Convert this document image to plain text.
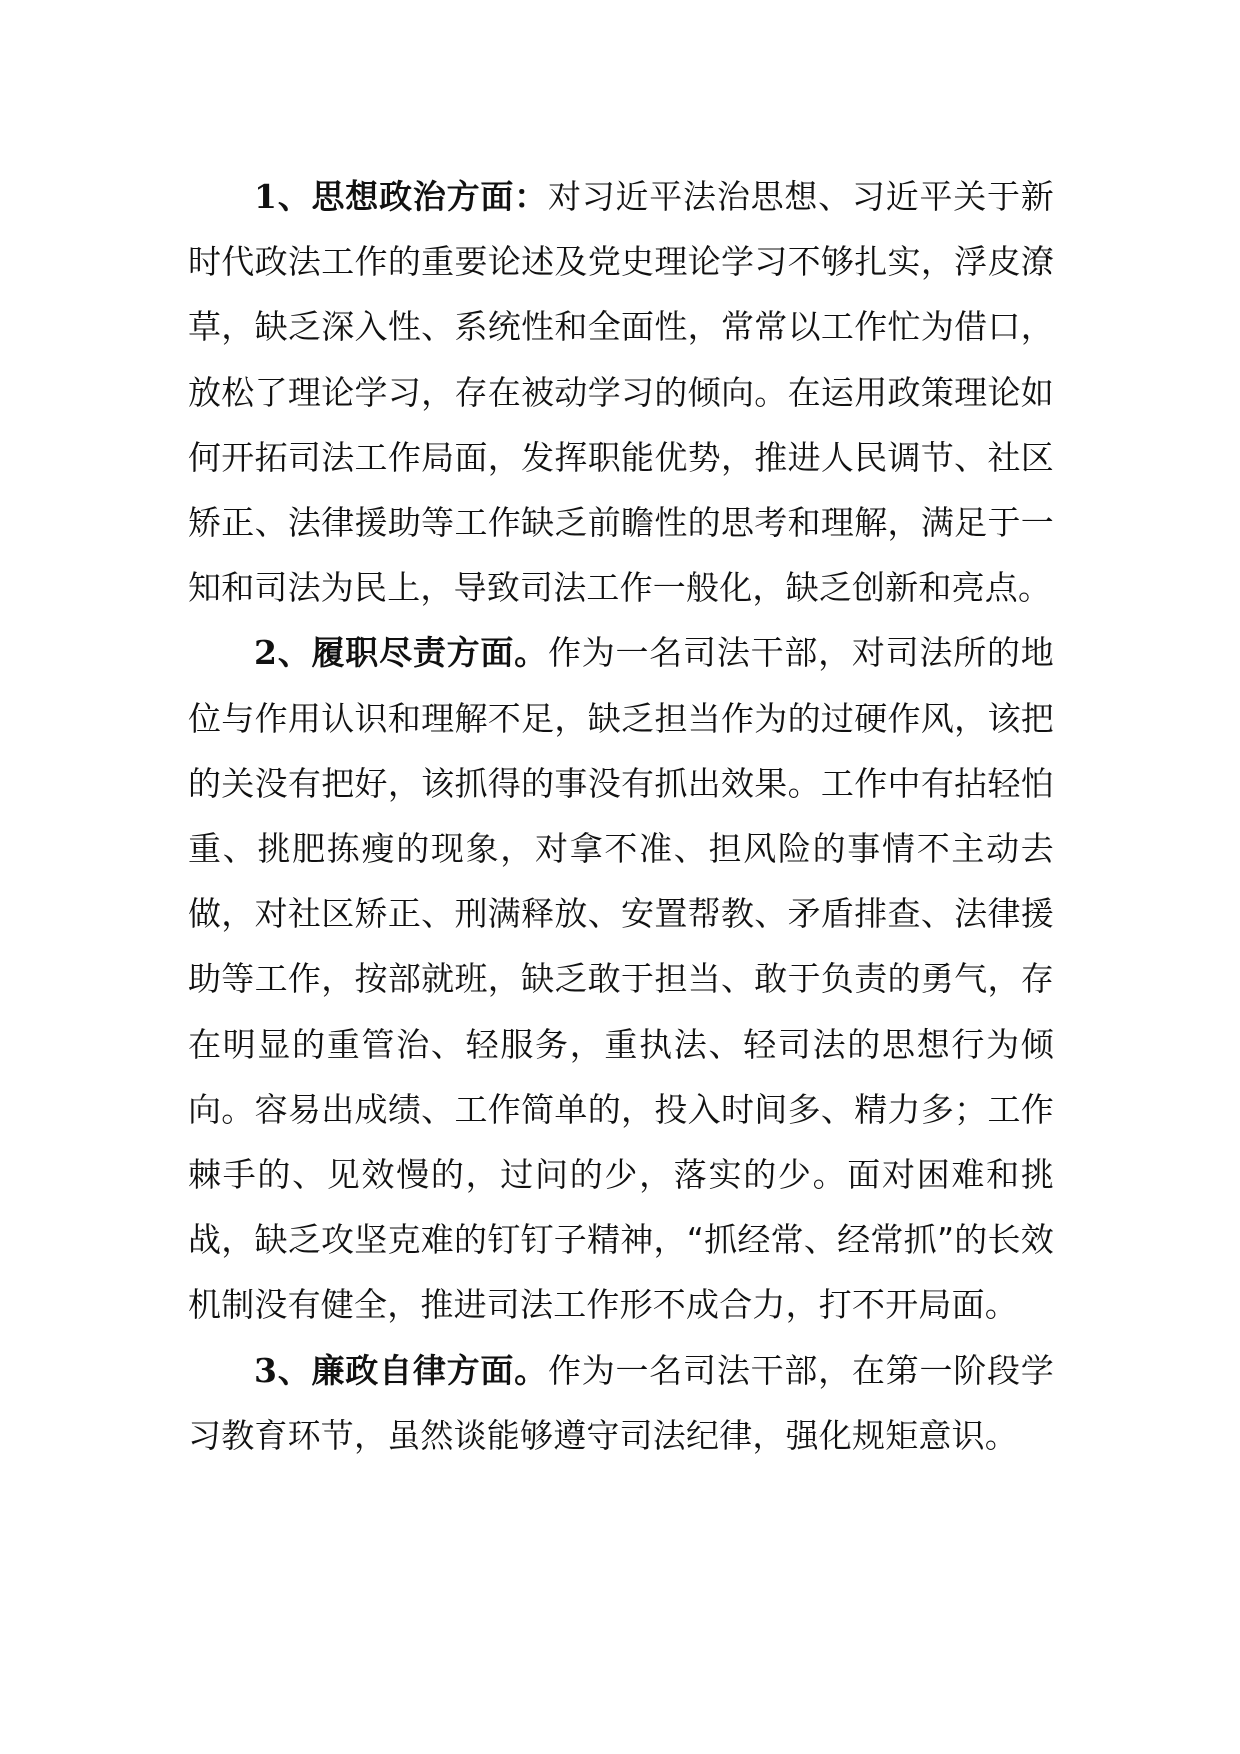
1、思想政治方面：对习近平法治思想、习近平关于新时代政法工作的重要论述及党史理论学习不够扎实，浮皮潦草，缺乏深入性、系统性和全面性，常常以工作忙为借口，放松了理论学习，存在被动学习的倾向。在运用政策理论如何开拓司法工作局面，发挥职能优势，推进人民调节、社区矫正、法律援助等工作缺乏前瞻性的思考和理解，满足于一知和司法为民上，导致司法工作一般化，缺乏创新和亮点。

2、履职尽责方面。作为一名司法干部，对司法所的地位与作用认识和理解不足，缺乏担当作为的过硬作风，该把的关没有把好，该抓得的事没有抓出效果。工作中有拈轻怕重、挑肥拣瘦的现象，对拿不准、担风险的事情不主动去做，对社区矫正、刑满释放、安置帮教、矛盾排查、法律援助等工作，按部就班，缺乏敢于担当、敢于负责的勇气，存在明显的重管治、轻服务，重执法、轻司法的思想行为倾向。容易出成绩、工作简单的，投入时间多、精力多；工作棘手的、见效慢的，过问的少，落实的少。面对困难和挑战，缺乏攻坚克难的钉钉子精神，“抓经常、经常抓”的长效机制没有健全，推进司法工作形不成合力，打不开局面。

3、廉政自律方面。作为一名司法干部，在第一阶段学习教育环节，虽然谈能够遵守司法纪律，强化规矩意识。
